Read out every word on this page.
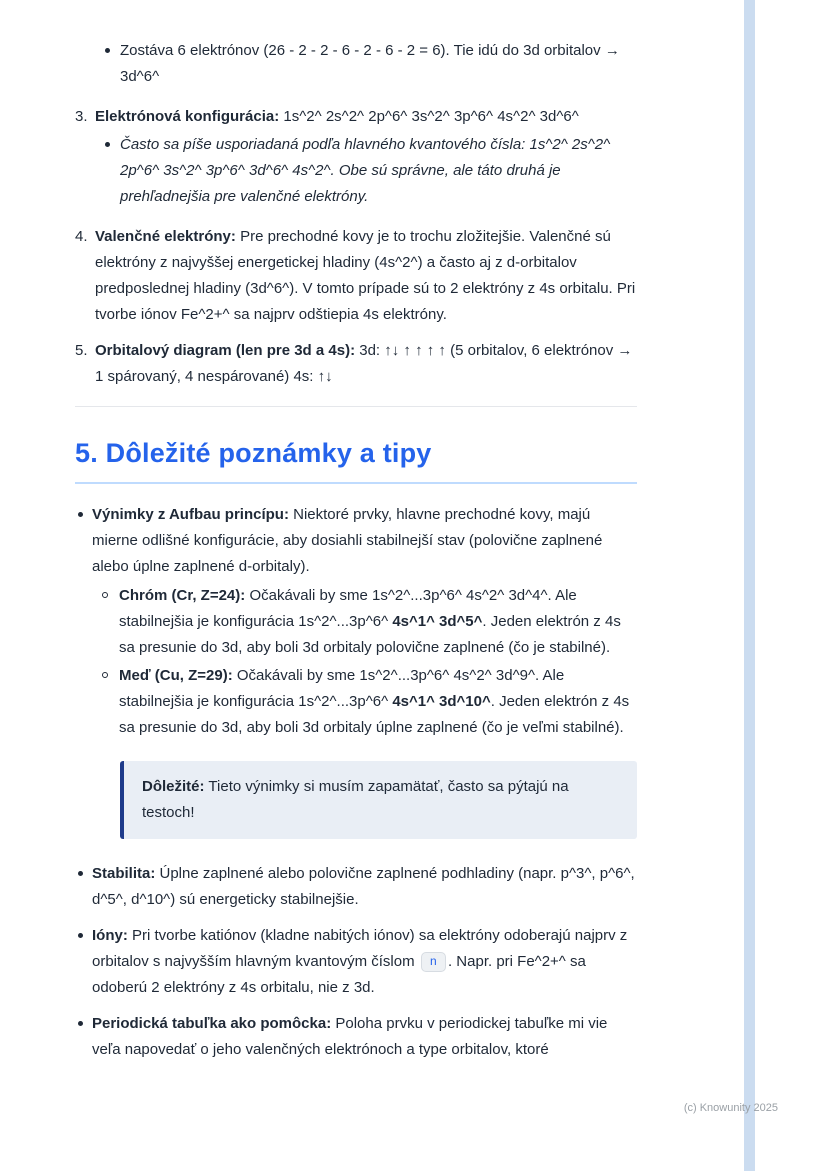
Zostáva 6 elektrónov (26 - 2 - 2 - 6 - 2 - 6 - 2 = 6). Tie idú do 3d orbitalov → 3d^6^
3. Elektrónová konfigurácia: 1s^2^ 2s^2^ 2p^6^ 3s^2^ 3p^6^ 4s^2^ 3d^6^
Často sa píše usporiadaná podľa hlavného kvantového čísla: 1s^2^ 2s^2^ 2p^6^ 3s^2^ 3p^6^ 3d^6^ 4s^2^. Obe sú správne, ale táto druhá je prehľadnejšia pre valenčné elektróny.
4. Valenčné elektróny: Pre prechodné kovy je to trochu zložitejšie. Valenčné sú elektróny z najvyššej energetickej hladiny (4s^2^) a často aj z d-orbitalov predposlednej hladiny (3d^6^). V tomto prípade sú to 2 elektróny z 4s orbitalu. Pri tvorbe iónov Fe^2+^ sa najprv odštiepia 4s elektróny.
5. Orbitalový diagram (len pre 3d a 4s): 3d: ↑↓ ↑ ↑ ↑ ↑ (5 orbitalov, 6 elektrónov → 1 spárovaný, 4 nespárované) 4s: ↑↓
5. Dôležité poznámky a tipy
Výnimky z Aufbau princípu: Niektoré prvky, hlavne prechodné kovy, majú mierne odlišné konfigurácie, aby dosiahli stabilnejší stav (polovične zaplnené alebo úplne zaplnené d-orbitaly).
Chróm (Cr, Z=24): Očakávali by sme 1s^2^...3p^6^ 4s^2^ 3d^4^. Ale stabilnejšia je konfigurácia 1s^2^...3p^6^ 4s^1^ 3d^5^. Jeden elektrón z 4s sa presunie do 3d, aby boli 3d orbitaly polovične zaplnené (čo je stabilné).
Meď (Cu, Z=29): Očakávali by sme 1s^2^...3p^6^ 4s^2^ 3d^9^. Ale stabilnejšia je konfigurácia 1s^2^...3p^6^ 4s^1^ 3d^10^. Jeden elektrón z 4s sa presunie do 3d, aby boli 3d orbitaly úplne zaplnené (čo je veľmi stabilné).
Dôležité: Tieto výnimky si musím zapamätať, často sa pýtajú na testoch!
Stabilita: Úplne zaplnené alebo polovične zaplnené podhladiny (napr. p^3^, p^6^, d^5^, d^10^) sú energeticky stabilnejšie.
Ióny: Pri tvorbe katiónov (kladne nabitých iónov) sa elektróny odoberajú najprv z orbitalov s najvyšším hlavným kvantovým číslom n . Napr. pri Fe^2+^ sa odoberú 2 elektróny z 4s orbitalu, nie z 3d.
Periodická tabuľka ako pomôcka: Poloha prvku v periodickej tabuľke mi vie veľa napovedať o jeho valenčných elektrónoch a type orbitalov, ktoré
(c) Knowunity 2025
